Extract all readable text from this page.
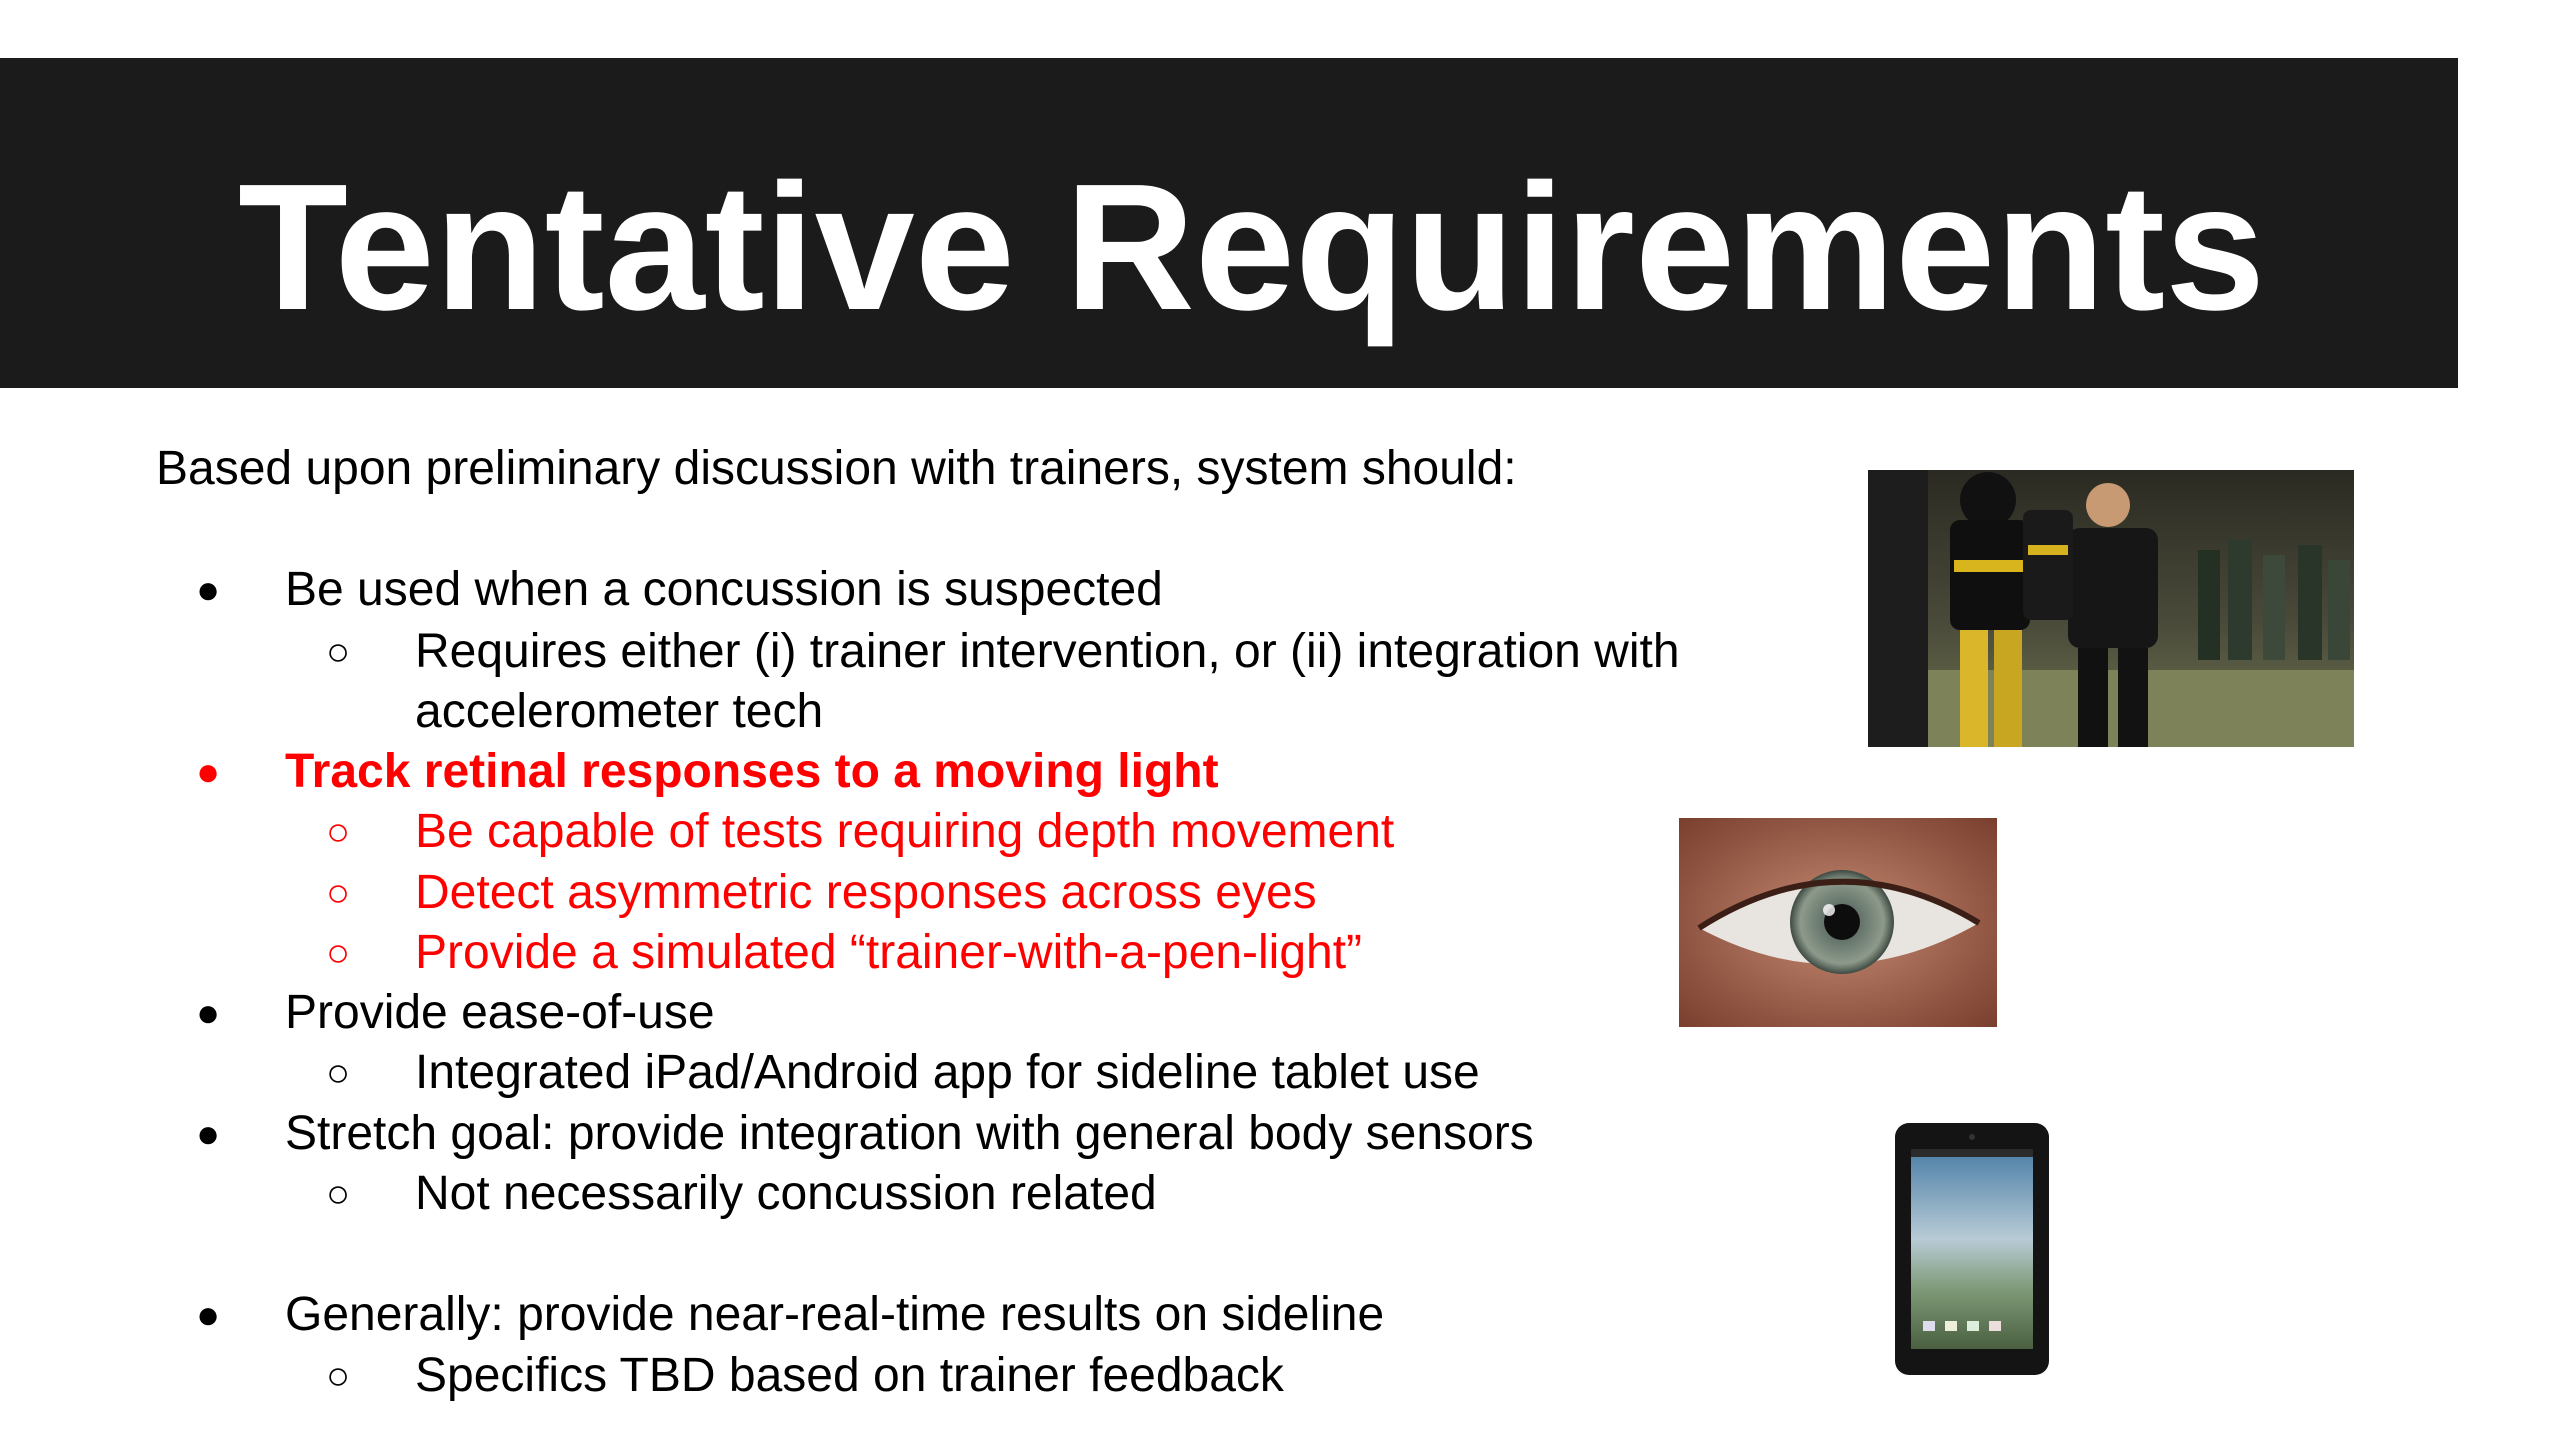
Tentative Requirements
Based upon preliminary discussion with trainers, system should:
● Be used when a concussion is suspected
○ Requires either (i) trainer intervention, or (ii) integration with
accelerometer tech
● Track retinal responses to a moving light
○ Be capable of tests requiring depth movement
○ Detect asymmetric responses across eyes
○ Provide a simulated “trainer-with-a-pen-light”
● Provide ease-of-use
○ Integrated iPad/Android app for sideline tablet use
● Stretch goal: provide integration with general body sensors
○ Not necessarily concussion related
● Generally: provide near-real-time results on sideline
○ Specifics TBD based on trainer feedback
